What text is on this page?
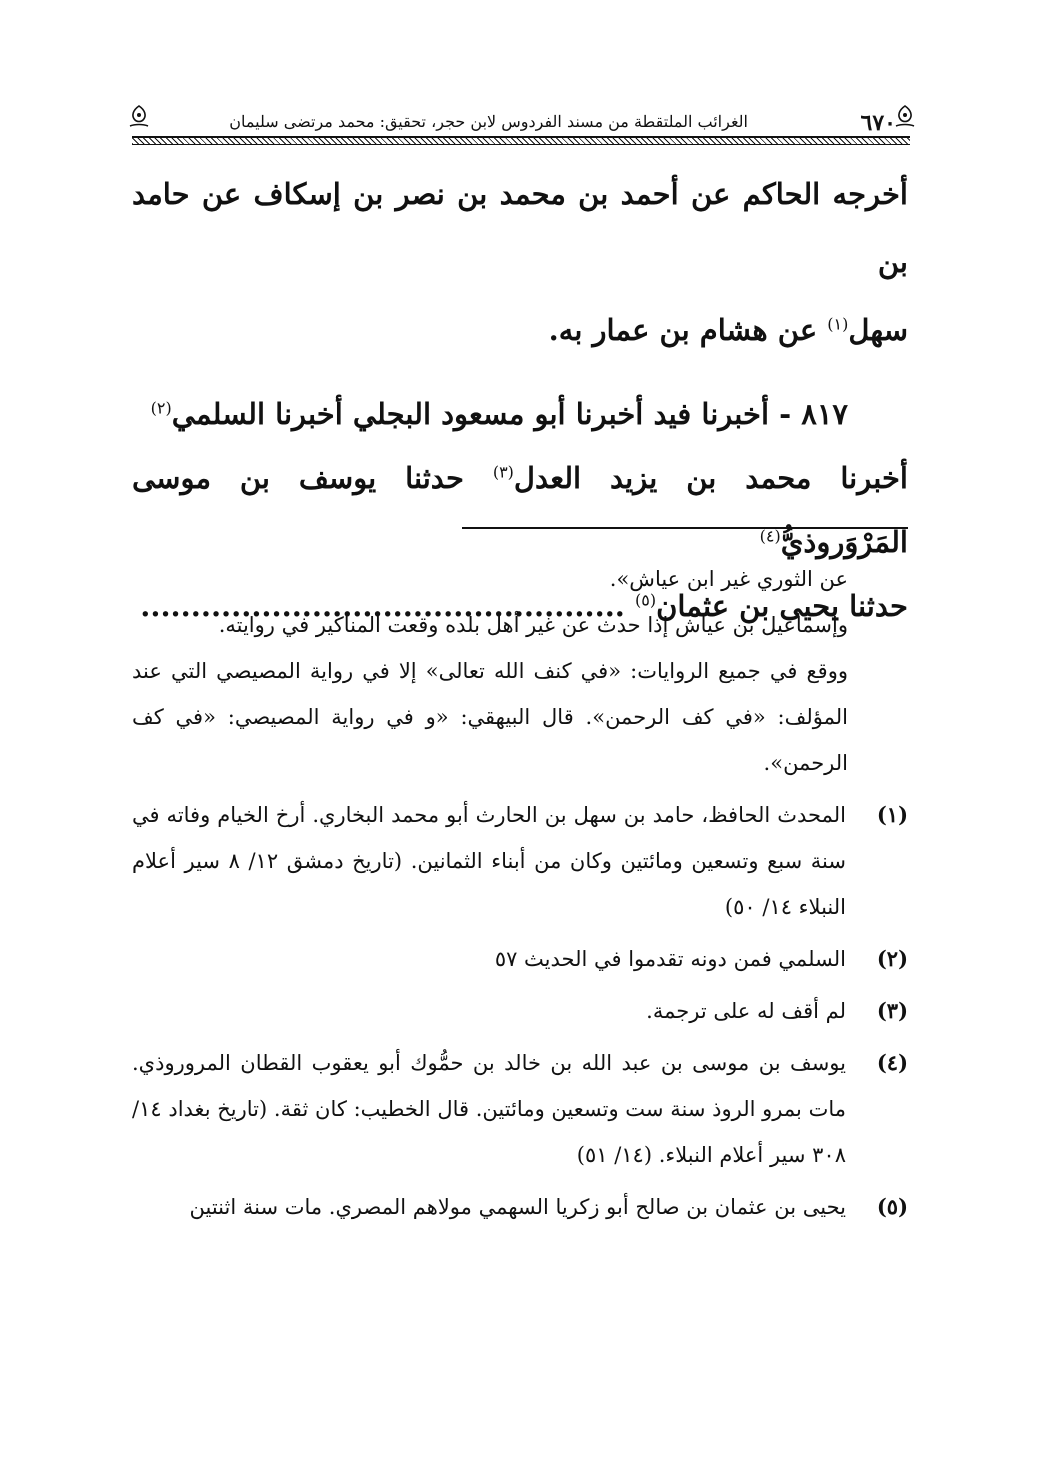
٦٧٠
الغرائب الملتقطة من مسند الفردوس لابن حجر، تحقيق: محمد مرتضى سليمان

أخرجه الحاكم عن أحمد بن محمد بن نصر بن إسكاف عن حامد بن
سهل$^{(١)}$ عن هشام بن عمار به.

٨١٧ - أخبرنا فيد أخبرنا أبو مسعود البجلي أخبرنا السلمي$^{(٢)}$
أخبرنا محمد بن يزيد العدل$^{(٣)}$ حدثنا يوسف بن موسى المَرْوَروذيُّ$^{(٤)}$
حدثنا يحيى بن عثمان$^{(٥)}$ ................................................

عن الثوري غير ابن عياش».

وإسماعيل بن عياش إذا حدث عن غير أهل بلده وقعت المناكير في روايته.

ووقع في جميع الروايات: «في كنف الله تعالى» إلا في رواية المصيصي التي عند المؤلف: «في كف الرحمن». قال البيهقي: «و في رواية المصيصي: «في كف الرحمن».

(١)
المحدث الحافظ، حامد بن سهل بن الحارث أبو محمد البخاري. أرخ الخيام وفاته في سنة سبع وتسعين ومائتين وكان من أبناء الثمانين. (تاريخ دمشق ١٢/ ٨ سير أعلام النبلاء ١٤/ ٥٠)

(٢)
السلمي فمن دونه تقدموا في الحديث ٥٧

(٣)
لم أقف له على ترجمة.

(٤)
يوسف بن موسى بن عبد الله بن خالد بن حمُّوك أبو يعقوب القطان المروروذي. مات بمرو الروذ سنة ست وتسعين ومائتين. قال الخطيب: كان ثقة. (تاريخ بغداد ١٤/ ٣٠٨ سير أعلام النبلاء. (١٤/ ٥١)

(٥)
يحيى بن عثمان بن صالح أبو زكريا السهمي مولاهم المصري. مات سنة اثنتين
